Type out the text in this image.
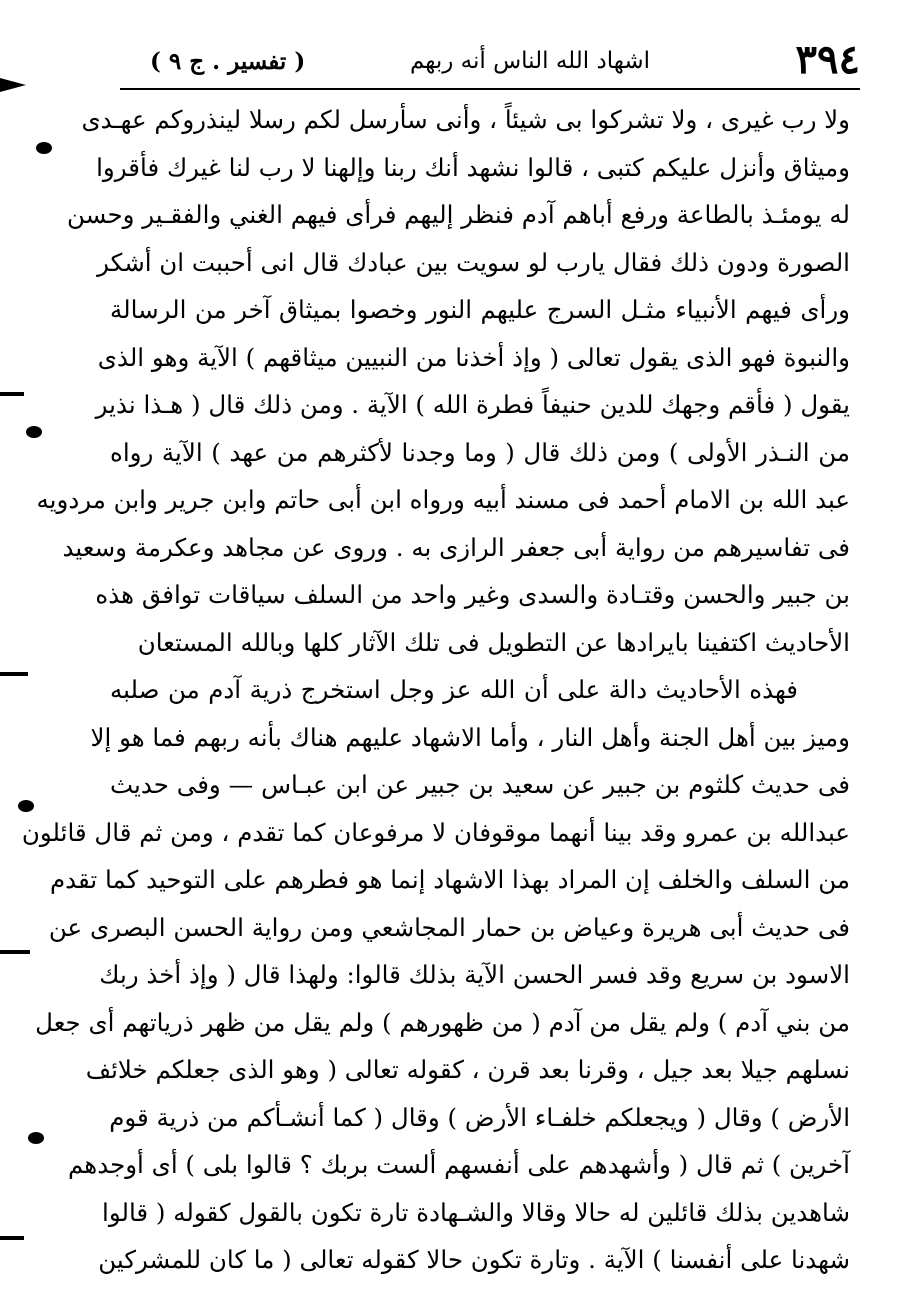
٣٩٤
اشهاد الله الناس أنه ربهم
( تفسير . ج ٩ )
ولا رب غيرى ، ولا تشركوا بى شيئاً ، وأنى سأرسل لكم رسلا لينذروكم عهـدى
وميثاق وأنزل عليكم كتبى ، قالوا نشهد أنك ربنا وإلهنا لا رب لنا غيرك فأقروا
له يومئـذ بالطاعة ورفع أباهم آدم فنظر إليهم فرأى فيهم الغني والفقـير وحسن
الصورة ودون ذلك فقال يارب لو سويت بين عبادك قال انى أحببت ان أشكر
ورأى فيهم الأنبياء مثـل السرج عليهم النور وخصوا بميثاق آخر من الرسالة
والنبوة فهو الذى يقول تعالى ( وإذ أخذنا من النبيين ميثاقهم ) الآية وهو الذى
يقول ( فأقم وجهك للدين حنيفاً فطرة الله ) الآية . ومن ذلك قال ( هـذا نذير
من النـذر الأولى ) ومن ذلك قال ( وما وجدنا لأكثرهم من عهد ) الآية رواه
عبد الله بن الامام أحمد فى مسند أبيه ورواه ابن أبى حاتم وابن جرير وابن مردويه
فى تفاسيرهم من رواية أبى جعفر الرازى به . وروى عن مجاهد وعكرمة وسعيد
بن جبير والحسن وقتـادة والسدى وغير واحد من السلف سياقات توافق هذه
الأحاديث اكتفينا بايرادها عن التطويل فى تلك الآثار كلها وبالله المستعان
فهذه الأحاديث دالة على أن الله عز وجل استخرج ذرية آدم من صلبه
وميز بين أهل الجنة وأهل النار ، وأما الاشهاد عليهم هناك بأنه ربهم فما هو إلا
فى حديث كلثوم بن جبير عن سعيد بن جبير عن ابن عبـاس — وفى حديث
عبدالله بن عمرو وقد بينا أنهما موقوفان لا مرفوعان كما تقدم ، ومن ثم قال قائلون
من السلف والخلف إن المراد بهذا الاشهاد إنما هو فطرهم على التوحيد كما تقدم
فى حديث أبى هريرة وعياض بن حمار المجاشعي ومن رواية الحسن البصرى عن
الاسود بن سريع وقد فسر الحسن الآية بذلك قالوا: ولهذا قال ( وإذ أخذ ربك
من بني آدم ) ولم يقل من آدم ( من ظهورهم ) ولم يقل من ظهر ذرياتهم أى جعل
نسلهم جيلا بعد جيل ، وقرنا بعد قرن ، كقوله تعالى ( وهو الذى جعلكم خلائف
الأرض ) وقال ( ويجعلكم خلفـاء الأرض ) وقال ( كما أنشـأكم من ذرية قوم
آخرين ) ثم قال ( وأشهدهم على أنفسهم ألست بربك ؟ قالوا بلى ) أى أوجدهم
شاهدين بذلك قائلين له حالا وقالا والشـهادة تارة تكون بالقول كقوله ( قالوا
شهدنا على أنفسنا ) الآية . وتارة تكون حالا كقوله تعالى ( ما كان للمشركين
